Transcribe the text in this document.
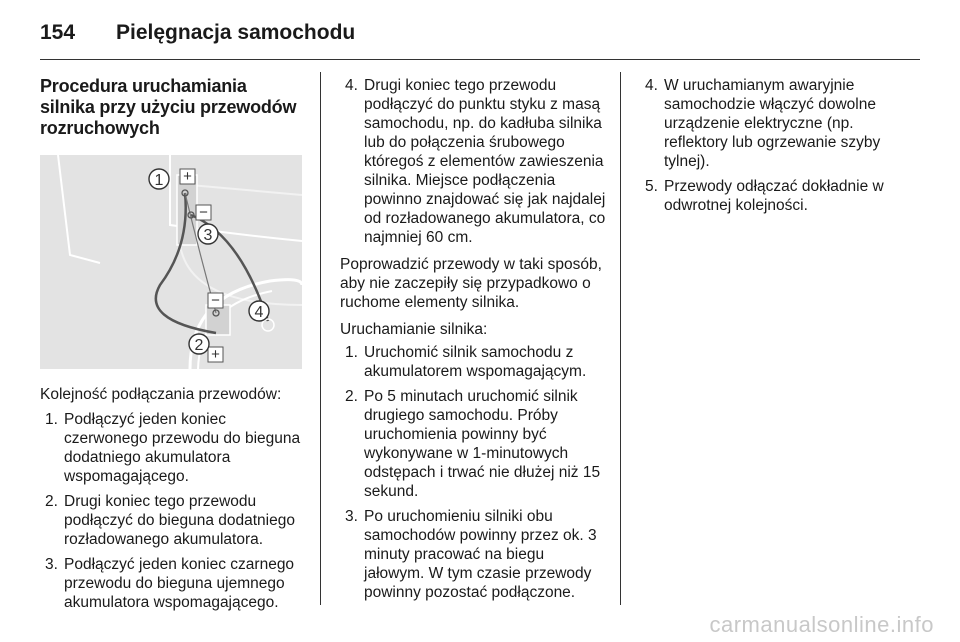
154 Pielęgnacja samochodu

Procedura uruchamiania silnika przy użyciu przewodów rozruchowych

+
−
−
+
1
2
3
4

Kolejność podłączania przewodów:

1. Podłączyć jeden koniec czerwonego przewodu do bieguna dodatniego akumulatora wspomagającego.
2. Drugi koniec tego przewodu podłączyć do bieguna dodatniego rozładowanego akumulatora.
3. Podłączyć jeden koniec czarnego przewodu do bieguna ujemnego akumulatora wspomagającego.
4. Drugi koniec tego przewodu podłączyć do punktu styku z masą samochodu, np. do kadłuba silnika lub do połączenia śrubowego któregoś z elementów zawieszenia silnika. Miejsce podłączenia powinno znajdować się jak najdalej od rozładowanego akumulatora, co najmniej 60 cm.

Poprowadzić przewody w taki sposób, aby nie zaczepiły się przypadkowo o ruchome elementy silnika.

Uruchamianie silnika:

1. Uruchomić silnik samochodu z akumulatorem wspomagającym.
2. Po 5 minutach uruchomić silnik drugiego samochodu. Próby uruchomienia powinny być wykonywane w 1-minutowych odstępach i trwać nie dłużej niż 15 sekund.
3. Po uruchomieniu silniki obu samochodów powinny przez ok. 3 minuty pracować na biegu jałowym. W tym czasie przewody powinny pozostać podłączone.
4. W uruchamianym awaryjnie samochodzie włączyć dowolne urządzenie elektryczne (np. reflektory lub ogrzewanie szyby tylnej).
5. Przewody odłączać dokładnie w odwrotnej kolejności.
carmanualsonline.info
